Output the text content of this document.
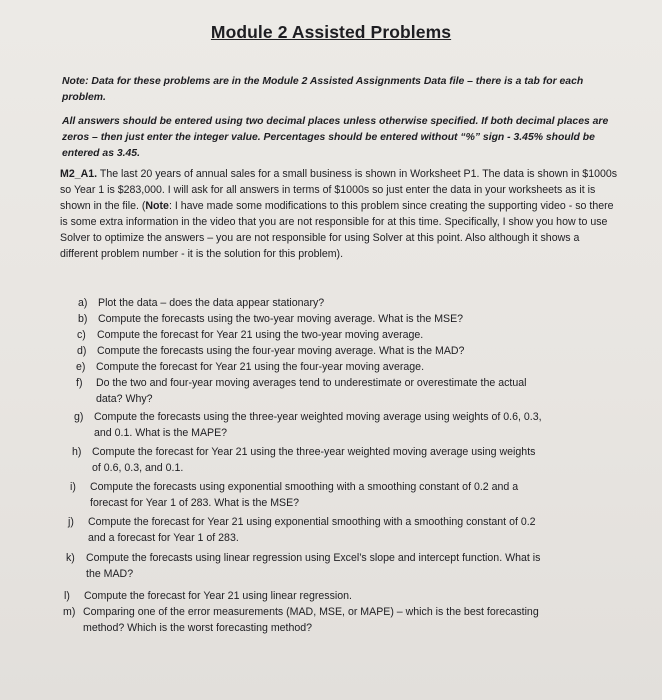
Module 2 Assisted Problems
Note: Data for these problems are in the Module 2 Assisted Assignments Data file – there is a tab for each problem.
All answers should be entered using two decimal places unless otherwise specified. If both decimal places are zeros – then just enter the integer value. Percentages should be entered without “%” sign - 3.45% should be entered as 3.45.
M2_A1. The last 20 years of annual sales for a small business is shown in Worksheet P1. The data is shown in $1000s so Year 1 is $283,000. I will ask for all answers in terms of $1000s so just enter the data in your worksheets as it is shown in the file. (Note: I have made some modifications to this problem since creating the supporting video - so there is some extra information in the video that you are not responsible for at this time. Specifically, I show you how to use Solver to optimize the answers – you are not responsible for using Solver at this point. Also although it shows a different problem number - it is the solution for this problem).
a) Plot the data – does the data appear stationary?
b) Compute the forecasts using the two-year moving average. What is the MSE?
c) Compute the forecast for Year 21 using the two-year moving average.
d) Compute the forecasts using the four-year moving average. What is the MAD?
e) Compute the forecast for Year 21 using the four-year moving average.
f) Do the two and four-year moving averages tend to underestimate or overestimate the actual
data? Why?
g) Compute the forecasts using the three-year weighted moving average using weights of 0.6, 0.3,
and 0.1. What is the MAPE?
h) Compute the forecast for Year 21 using the three-year weighted moving average using weights
of 0.6, 0.3, and 0.1.
i) Compute the forecasts using exponential smoothing with a smoothing constant of 0.2 and a
forecast for Year 1 of 283. What is the MSE?
j) Compute the forecast for Year 21 using exponential smoothing with a smoothing constant of 0.2
and a forecast for Year 1 of 283.
k) Compute the forecasts using linear regression using Excel’s slope and intercept function. What is
the MAD?
l) Compute the forecast for Year 21 using linear regression.
m) Comparing one of the error measurements (MAD, MSE, or MAPE) – which is the best forecasting
method? Which is the worst forecasting method?
